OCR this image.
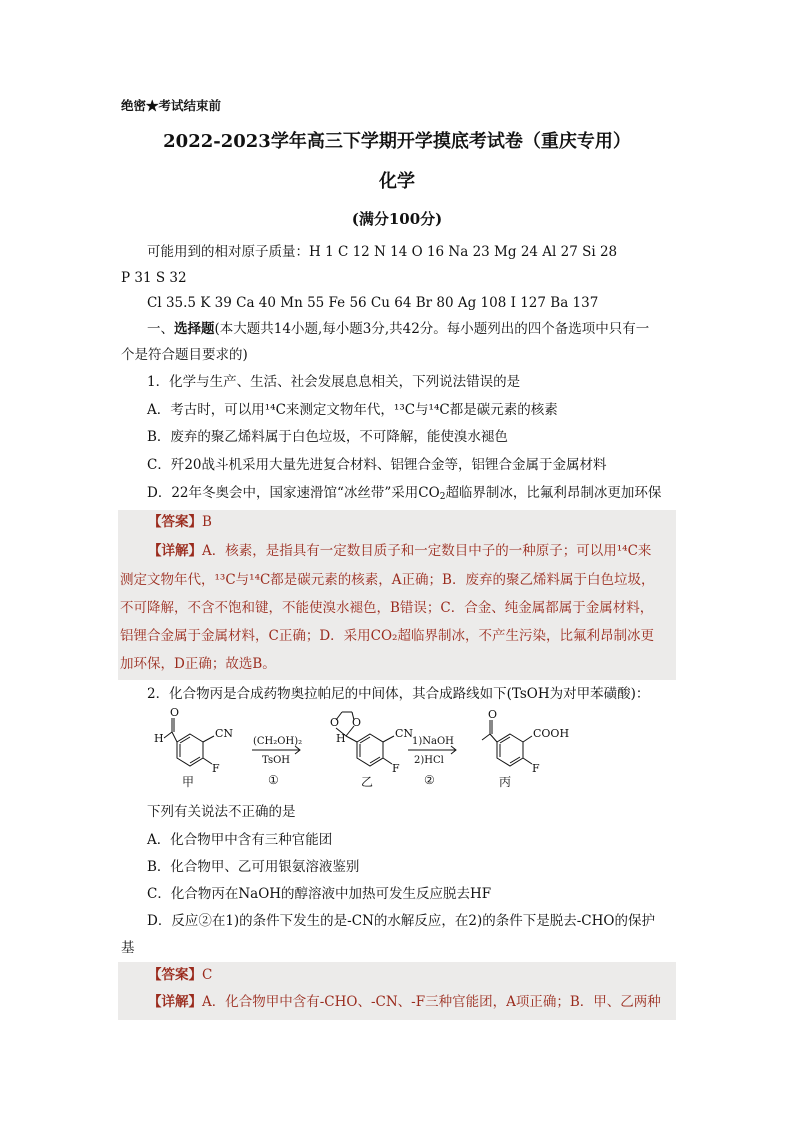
绝密★考试结束前
2022-2023学年高三下学期开学摸底考试卷（重庆专用）
化学
(满分100分)
可能用到的相对原子质量：H 1 C 12 N 14 O 16 Na 23 Mg 24 Al 27 Si 28
P 31 S 32
Cl 35.5 K 39 Ca 40 Mn 55 Fe 56 Cu 64 Br 80 Ag 108 I 127 Ba 137
一、选择题(本大题共14小题,每小题3分,共42分。每小题列出的四个备选项中只有一
个是符合题目要求的)
1．化学与生产、生活、社会发展息息相关，下列说法错误的是
A．考古时，可以用¹⁴C来测定文物年代，¹³C与¹⁴C都是碳元素的核素
B．废弃的聚乙烯料属于白色垃圾，不可降解，能使溴水褪色
C．歼20战斗机采用大量先进复合材料、铝锂合金等，铝锂合金属于金属材料
D．22年冬奥会中，国家速滑馆“冰丝带”采用$CO_2$超临界制冰，比氟利昂制冰更加环保
【答案】B
【详解】A．核素，是指具有一定数目质子和一定数目中子的一种原子；可以用¹⁴C来
测定文物年代，¹³C与¹⁴C都是碳元素的核素，A正确；B．废弃的聚乙烯料属于白色垃圾，
不可降解，不含不饱和键，不能使溴水褪色，B错误；C．合金、纯金属都属于金属材料，
铝锂合金属于金属材料，C正确；D．采用CO₂超临界制冰，不产生污染，比氟利昂制冰更
加环保，D正确；故选B。
2．化合物丙是合成药物奥拉帕尼的中间体，其合成路线如下(TsOH为对甲苯磺酸)：
O
H	CN
F
甲
(CH₂OH)₂
TsOH
①
O O
H	CN
F
乙
1)NaOH
2)HCl
②
O
COOH
F
丙
下列有关说法不正确的是
A．化合物甲中含有三种官能团
B．化合物甲、乙可用银氨溶液鉴别
C．化合物丙在NaOH的醇溶液中加热可发生反应脱去HF
D．反应②在1)的条件下发生的是-CN的水解反应，在2)的条件下是脱去-CHO的保护
基
【答案】C
【详解】A．化合物甲中含有-CHO、-CN、-F三种官能团，A项正确；B．甲、乙两种
